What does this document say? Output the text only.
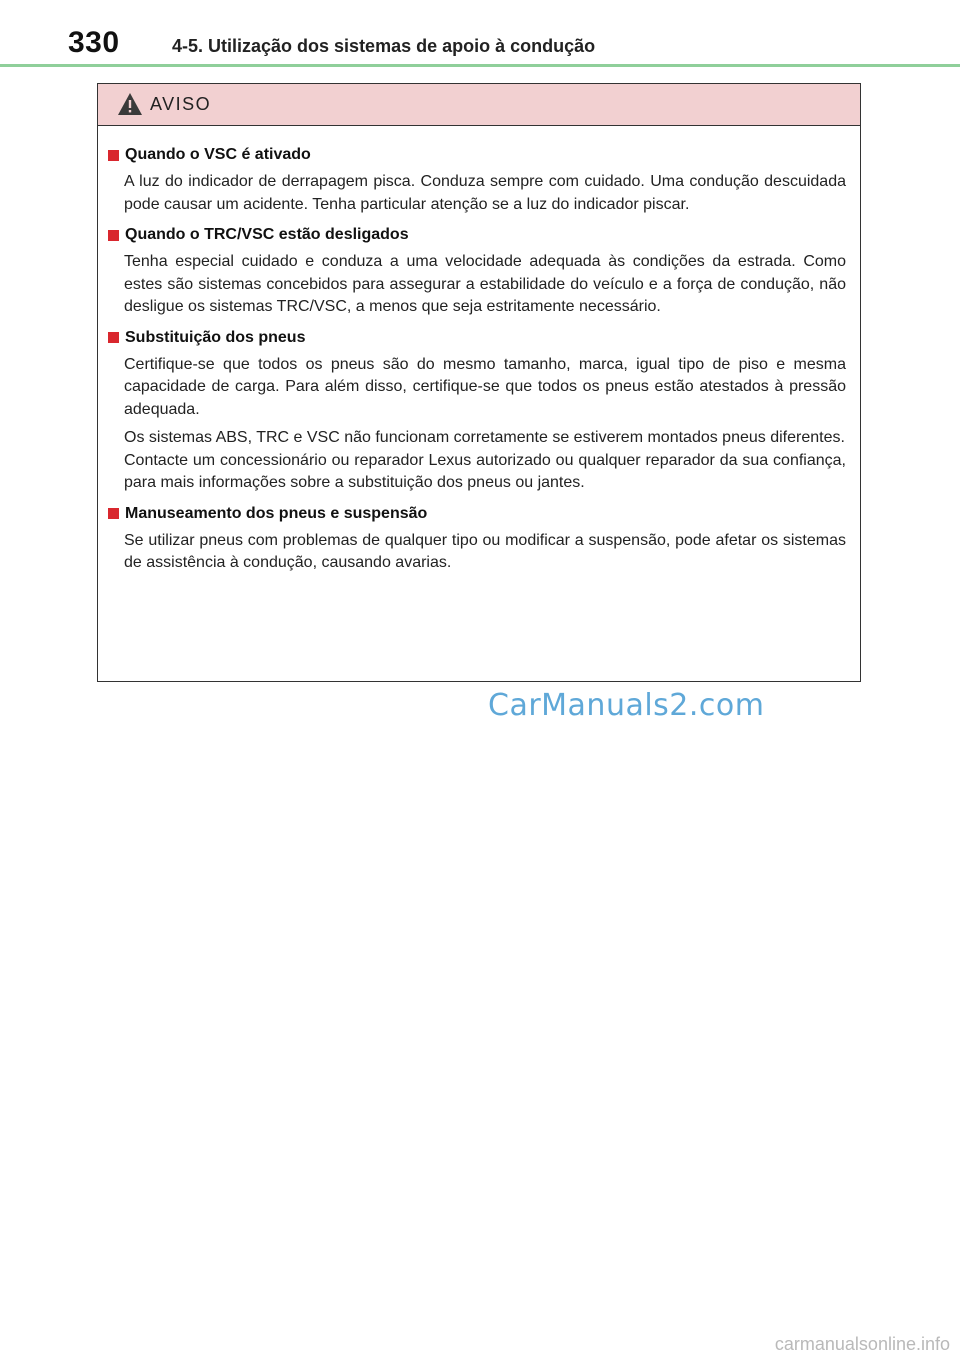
330	4-5. Utilização dos sistemas de apoio à condução
AVISO
Quando o VSC é ativado

A luz do indicador de derrapagem pisca. Conduza sempre com cuidado. Uma condução descuidada pode causar um acidente. Tenha particular atenção se a luz do indicador piscar.

Quando o TRC/VSC estão desligados

Tenha especial cuidado e conduza a uma velocidade adequada às condições da estrada. Como estes são sistemas concebidos para assegurar a estabilidade do veículo e a força de condução, não desligue os sistemas TRC/VSC, a menos que seja estritamente necessário.

Substituição dos pneus

Certifique-se que todos os pneus são do mesmo tamanho, marca, igual tipo de piso e mesma capacidade de carga. Para além disso, certifique-se que todos os pneus estão atestados à pressão adequada.

Os sistemas ABS, TRC e VSC não funcionam corretamente se estiverem montados pneus diferentes.

Contacte um concessionário ou reparador Lexus autorizado ou qualquer reparador da sua confiança, para mais informações sobre a substituição dos pneus ou jantes.

Manuseamento dos pneus e suspensão

Se utilizar pneus com problemas de qualquer tipo ou modificar a suspensão, pode afetar os sistemas de assistência à condução, causando avarias.

CarManuals2.com
carmanualsonline.info
